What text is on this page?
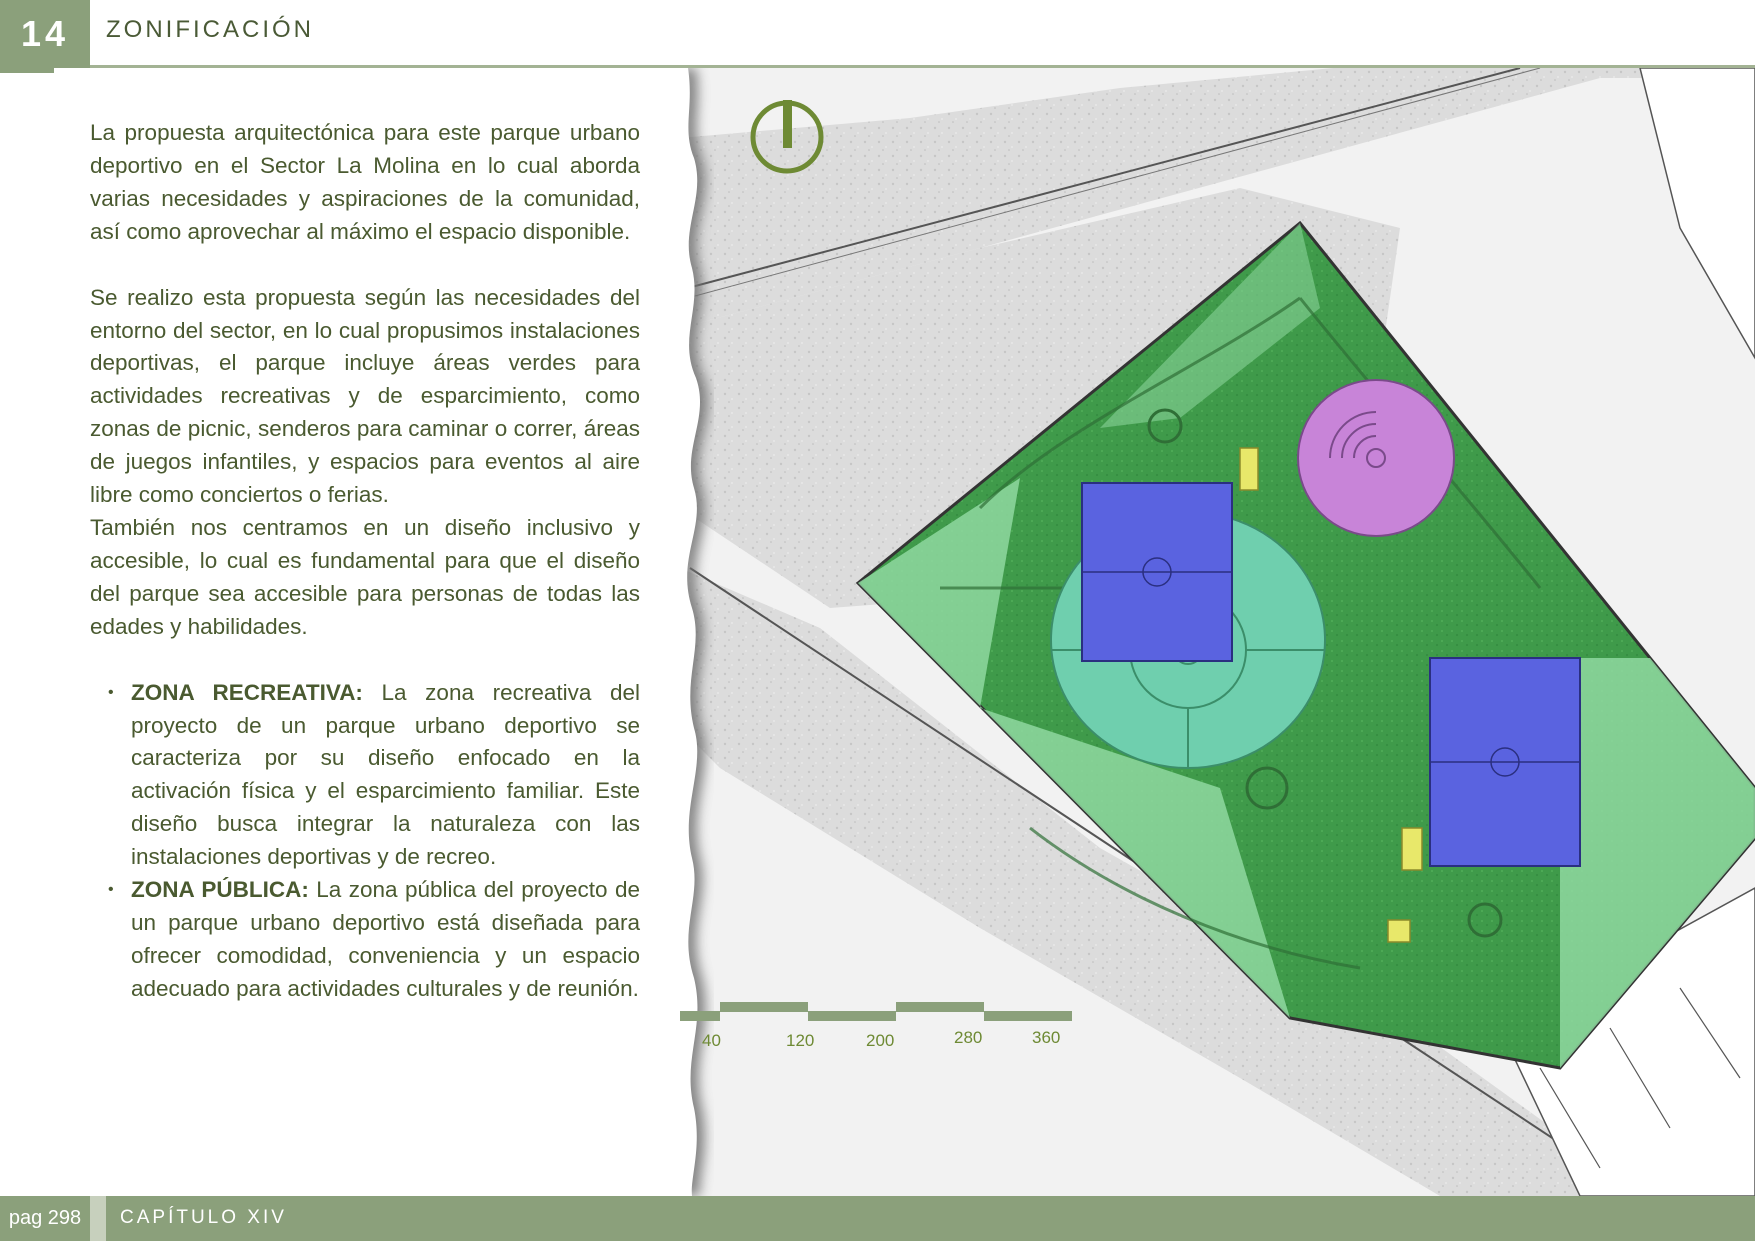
14	ZONIFICACIÓN

La propuesta arquitectónica para este parque urbano deportivo en el Sector La Molina en lo cual aborda varias necesidades y aspiraciones de la comunidad, así como aprovechar al máximo el espacio disponible.

Se realizo esta propuesta según las necesidades del entorno del sector, en lo cual propusimos instalaciones deportivas, el parque incluye áreas verdes para actividades recreativas y de esparcimiento, como zonas de picnic, senderos para caminar o correr, áreas de juegos infantiles, y espacios para eventos al aire libre como conciertos o ferias.

También nos centramos en un diseño inclusivo y accesible, lo cual es fundamental para que el diseño del parque sea accesible para personas de todas las edades y habilidades.

• ZONA RECREATIVA: La zona recreativa del proyecto de un parque urbano deportivo se caracteriza por su diseño enfocado en la activación física y el esparcimiento familiar. Este diseño busca integrar la naturaleza con las instalaciones deportivas y de recreo.
• ZONA PÚBLICA: La zona pública del proyecto de un parque urbano deportivo está diseñada para ofrecer comodidad, conveniencia y un espacio adecuado para actividades culturales y de reunión.
40	120	200	280	360
pag 298	CAPÍTULO XIV
